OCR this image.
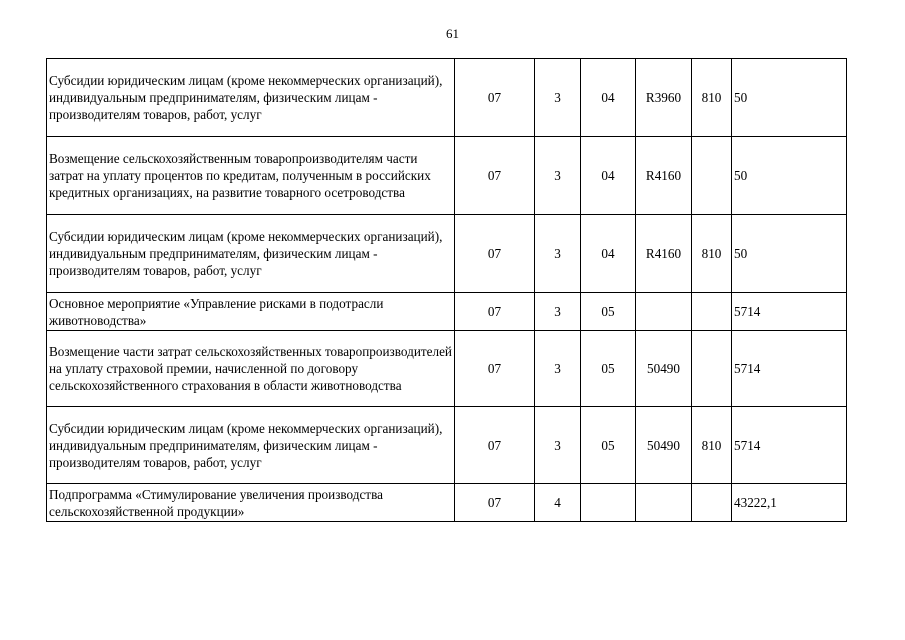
61
Субсидии юридическим лицам (кроме некоммерческих организаций), индивидуальным предпринимателям, физическим лицам - производителям товаров, работ, услуг	07	3	04	R3960	810	50
Возмещение сельскохозяйственным товаропроизводителям части затрат на уплату процентов по кредитам, полученным в российских кредитных организациях, на развитие товарного осетроводства	07	3	04	R4160		50
Субсидии юридическим лицам (кроме некоммерческих организаций), индивидуальным предпринимателям, физическим лицам - производителям товаров, работ, услуг	07	3	04	R4160	810	50
Основное мероприятие «Управление рисками в подотрасли животноводства»	07	3	05			5714
Возмещение части затрат сельскохозяйственных товаропроизводителей на уплату страховой премии, начисленной по договору сельскохозяйственного страхования в области животноводства	07	3	05	50490		5714
Субсидии юридическим лицам (кроме некоммерческих организаций), индивидуальным предпринимателям, физическим лицам - производителям товаров, работ, услуг	07	3	05	50490	810	5714
Подпрограмма «Стимулирование увеличения производства сельскохозяйственной продукции»	07	4				43222,1
